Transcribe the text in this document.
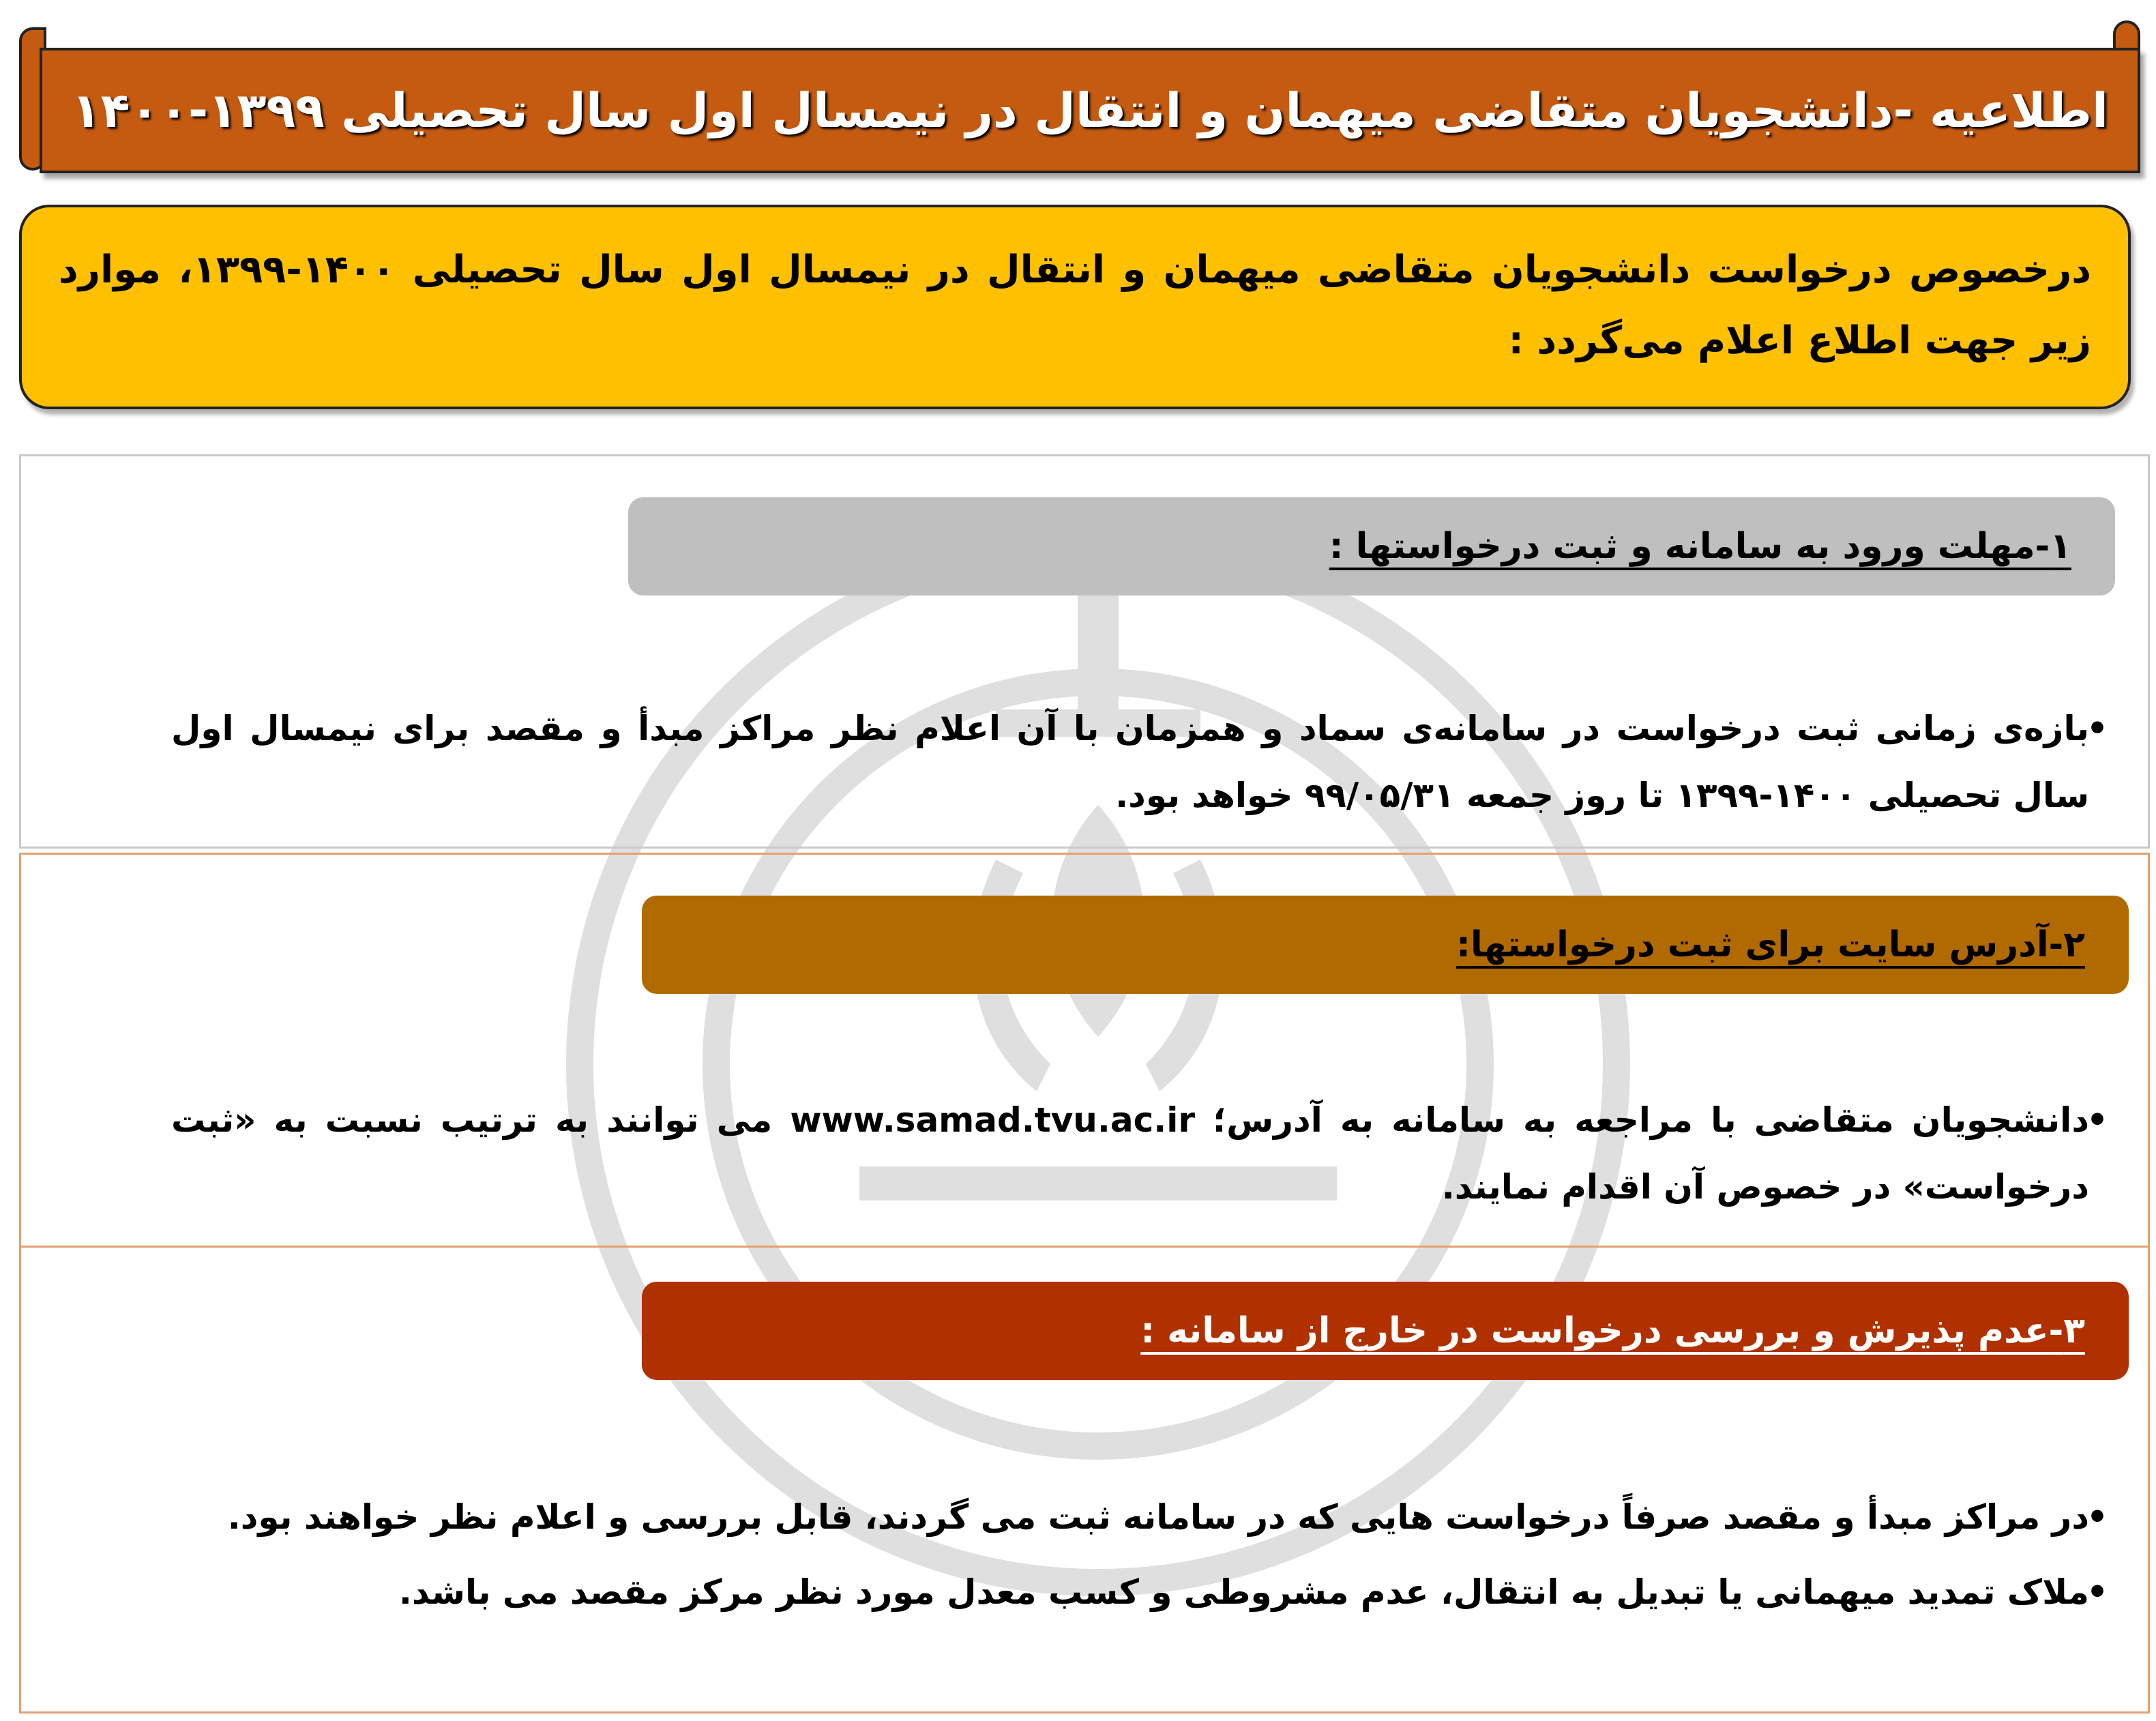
اطلاعیه -دانشجویان متقاضی میهمان و انتقال در نیمسال اول سال تحصیلی ۱۳۹۹-۱۴۰۰
درخصوص درخواست دانشجویان متقاضی میهمان و انتقال در نیمسال اول سال تحصیلی ۱۴۰۰-۱۳۹۹، موارد زیر جهت اطلاع اعلام می‌گردد :
۱-مهلت ورود به سامانه و ثبت درخواستها :
•
بازه‌ی زمانی ثبت درخواست در سامانه‌ی سماد و همزمان با آن اعلام نظر مراکز مبدأ و مقصد برای نیمسال اول سال تحصیلی ۱۴۰۰-۱۳۹۹ تا روز جمعه ۹۹/۰۵/۳۱ خواهد بود.
۲-آدرس سایت برای ثبت درخواستها:
•
دانشجویان متقاضی با مراجعه به سامانه به آدرس؛ www.samad.tvu.ac.ir می توانند به ترتیب نسبت به «ثبت درخواست» در خصوص آن اقدام نمایند.
۳-عدم پذیرش و بررسی درخواست در خارج از سامانه :
•
در مراکز مبدأ و مقصد صرفاً درخواست هایی که در سامانه ثبت می گردند، قابل بررسی و اعلام نظر خواهند بود.
•
ملاک تمدید میهمانی یا تبدیل به انتقال، عدم مشروطی و کسب معدل مورد نظر مرکز مقصد می باشد.
